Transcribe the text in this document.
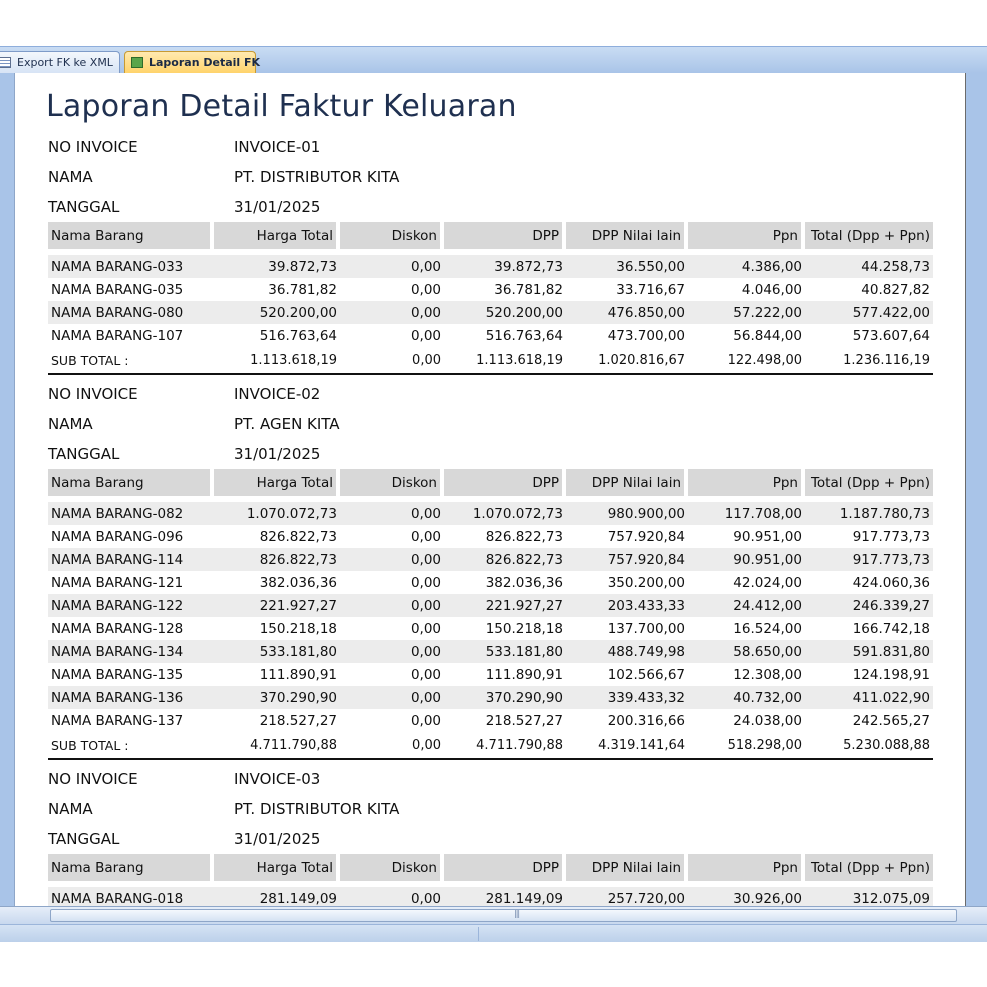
Export FK ke XML	Laporan Detail FK
Laporan Detail Faktur Keluaran
NO INVOICE	INVOICE-01
NAMA	PT. DISTRIBUTOR KITA
TANGGAL	31/01/2025
Nama Barang	Harga Total	Diskon	DPP	DPP Nilai lain	Ppn	Total (Dpp + Ppn)

NAMA BARANG-033	39.872,73	0,00	39.872,73	36.550,00	4.386,00	44.258,73
NAMA BARANG-035	36.781,82	0,00	36.781,82	33.716,67	4.046,00	40.827,82
NAMA BARANG-080	520.200,00	0,00	520.200,00	476.850,00	57.222,00	577.422,00
NAMA BARANG-107	516.763,64	0,00	516.763,64	473.700,00	56.844,00	573.607,64
SUB TOTAL :	1.113.618,19	0,00	1.113.618,19	1.020.816,67	122.498,00	1.236.116,19
NO INVOICE	INVOICE-02
NAMA	PT. AGEN KITA
TANGGAL	31/01/2025
Nama Barang	Harga Total	Diskon	DPP	DPP Nilai lain	Ppn	Total (Dpp + Ppn)

NAMA BARANG-082	1.070.072,73	0,00	1.070.072,73	980.900,00	117.708,00	1.187.780,73
NAMA BARANG-096	826.822,73	0,00	826.822,73	757.920,84	90.951,00	917.773,73
NAMA BARANG-114	826.822,73	0,00	826.822,73	757.920,84	90.951,00	917.773,73
NAMA BARANG-121	382.036,36	0,00	382.036,36	350.200,00	42.024,00	424.060,36
NAMA BARANG-122	221.927,27	0,00	221.927,27	203.433,33	24.412,00	246.339,27
NAMA BARANG-128	150.218,18	0,00	150.218,18	137.700,00	16.524,00	166.742,18
NAMA BARANG-134	533.181,80	0,00	533.181,80	488.749,98	58.650,00	591.831,80
NAMA BARANG-135	111.890,91	0,00	111.890,91	102.566,67	12.308,00	124.198,91
NAMA BARANG-136	370.290,90	0,00	370.290,90	339.433,32	40.732,00	411.022,90
NAMA BARANG-137	218.527,27	0,00	218.527,27	200.316,66	24.038,00	242.565,27
SUB TOTAL :	4.711.790,88	0,00	4.711.790,88	4.319.141,64	518.298,00	5.230.088,88
NO INVOICE	INVOICE-03
NAMA	PT. DISTRIBUTOR KITA
TANGGAL	31/01/2025
Nama Barang	Harga Total	Diskon	DPP	DPP Nilai lain	Ppn	Total (Dpp + Ppn)

NAMA BARANG-018	281.149,09	0,00	281.149,09	257.720,00	30.926,00	312.075,09
|||
